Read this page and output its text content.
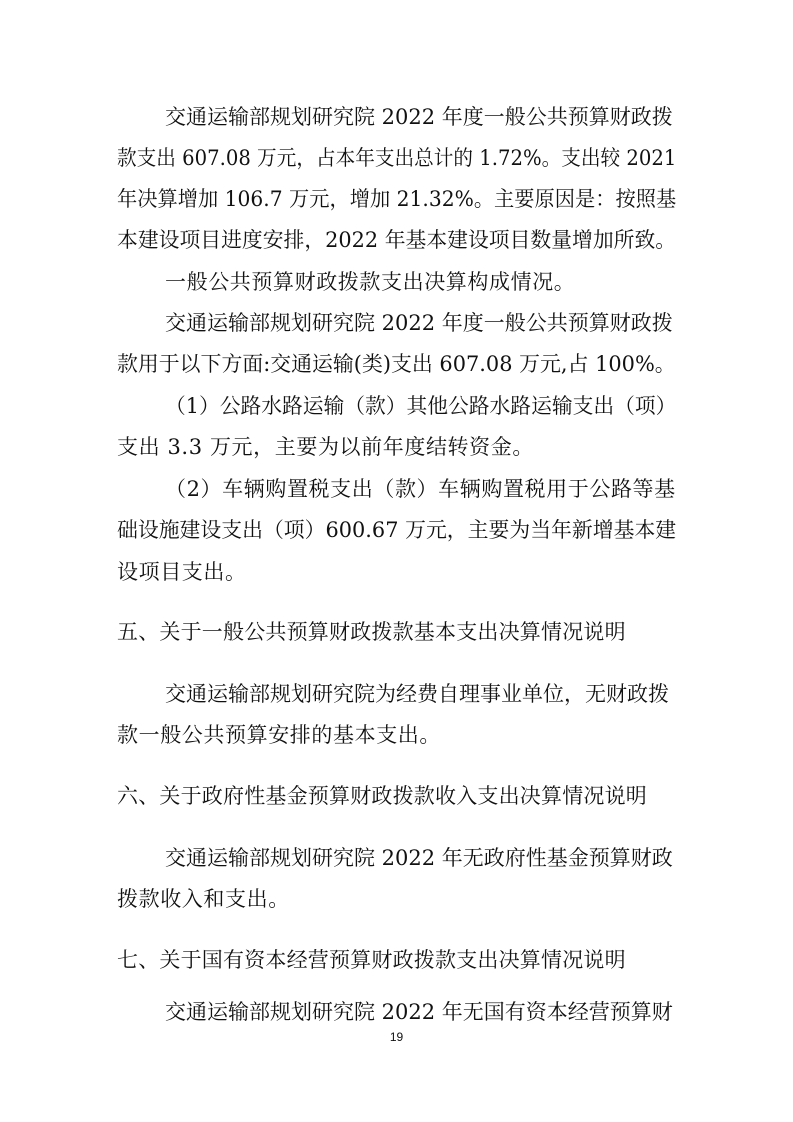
交通运输部规划研究院 2022 年度一般公共预算财政拨
款支出 607.08 万元，占本年支出总计的 1.72%。支出较 2021
年决算增加 106.7 万元，增加 21.32%。主要原因是：按照基
本建设项目进度安排，2022 年基本建设项目数量增加所致。
一般公共预算财政拨款支出决算构成情况。
交通运输部规划研究院 2022 年度一般公共预算财政拨
款用于以下方面:交通运输(类)支出 607.08 万元,占 100%。
（1）公路水路运输（款）其他公路水路运输支出（项）
支出 3.3 万元，主要为以前年度结转资金。
（2）车辆购置税支出（款）车辆购置税用于公路等基
础设施建设支出（项）600.67 万元，主要为当年新增基本建
设项目支出。
五、关于一般公共预算财政拨款基本支出决算情况说明
交通运输部规划研究院为经费自理事业单位，无财政拨
款一般公共预算安排的基本支出。
六、关于政府性基金预算财政拨款收入支出决算情况说明
交通运输部规划研究院 2022 年无政府性基金预算财政
拨款收入和支出。
七、关于国有资本经营预算财政拨款支出决算情况说明
交通运输部规划研究院 2022 年无国有资本经营预算财
19
